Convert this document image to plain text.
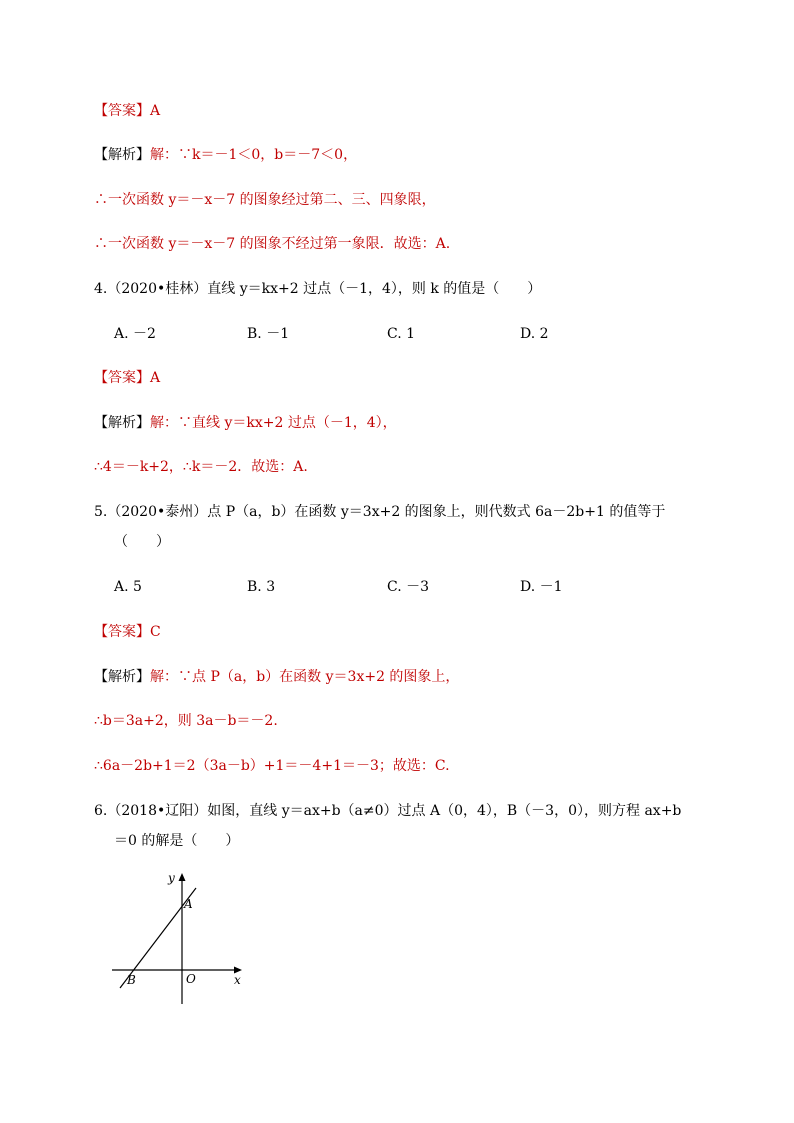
【答案】A
【解析】解：∵k＝－1＜0，b＝－7＜0，
∴一次函数 y＝－x－7 的图象经过第二、三、四象限，
∴一次函数 y＝－x－7 的图象不经过第一象限．故选：A.
4.（2020•桂林）直线 y＝kx+2 过点（－1，4），则 k 的值是（　　）
A. －2	B. －1	C. 1	D. 2
【答案】A
【解析】解：∵直线 y＝kx+2 过点（－1，4），
∴4＝－k+2，∴k＝－2．故选：A.
5.（2020•泰州）点 P（a，b）在函数 y＝3x+2 的图象上，则代数式 6a－2b+1 的值等于
（　　）
A. 5	B. 3	C. －3	D. －1
【答案】C
【解析】解：∵点 P（a，b）在函数 y＝3x+2 的图象上，
∴b＝3a+2，则 3a－b＝－2.
∴6a－2b+1＝2（3a－b）+1＝－4+1＝－3；故选：C.
6.（2018•辽阳）如图，直线 y＝ax+b（a≠0）过点 A（0，4），B（－3，0），则方程 ax+b
＝0 的解是（　　）
y
x
A
B	O
